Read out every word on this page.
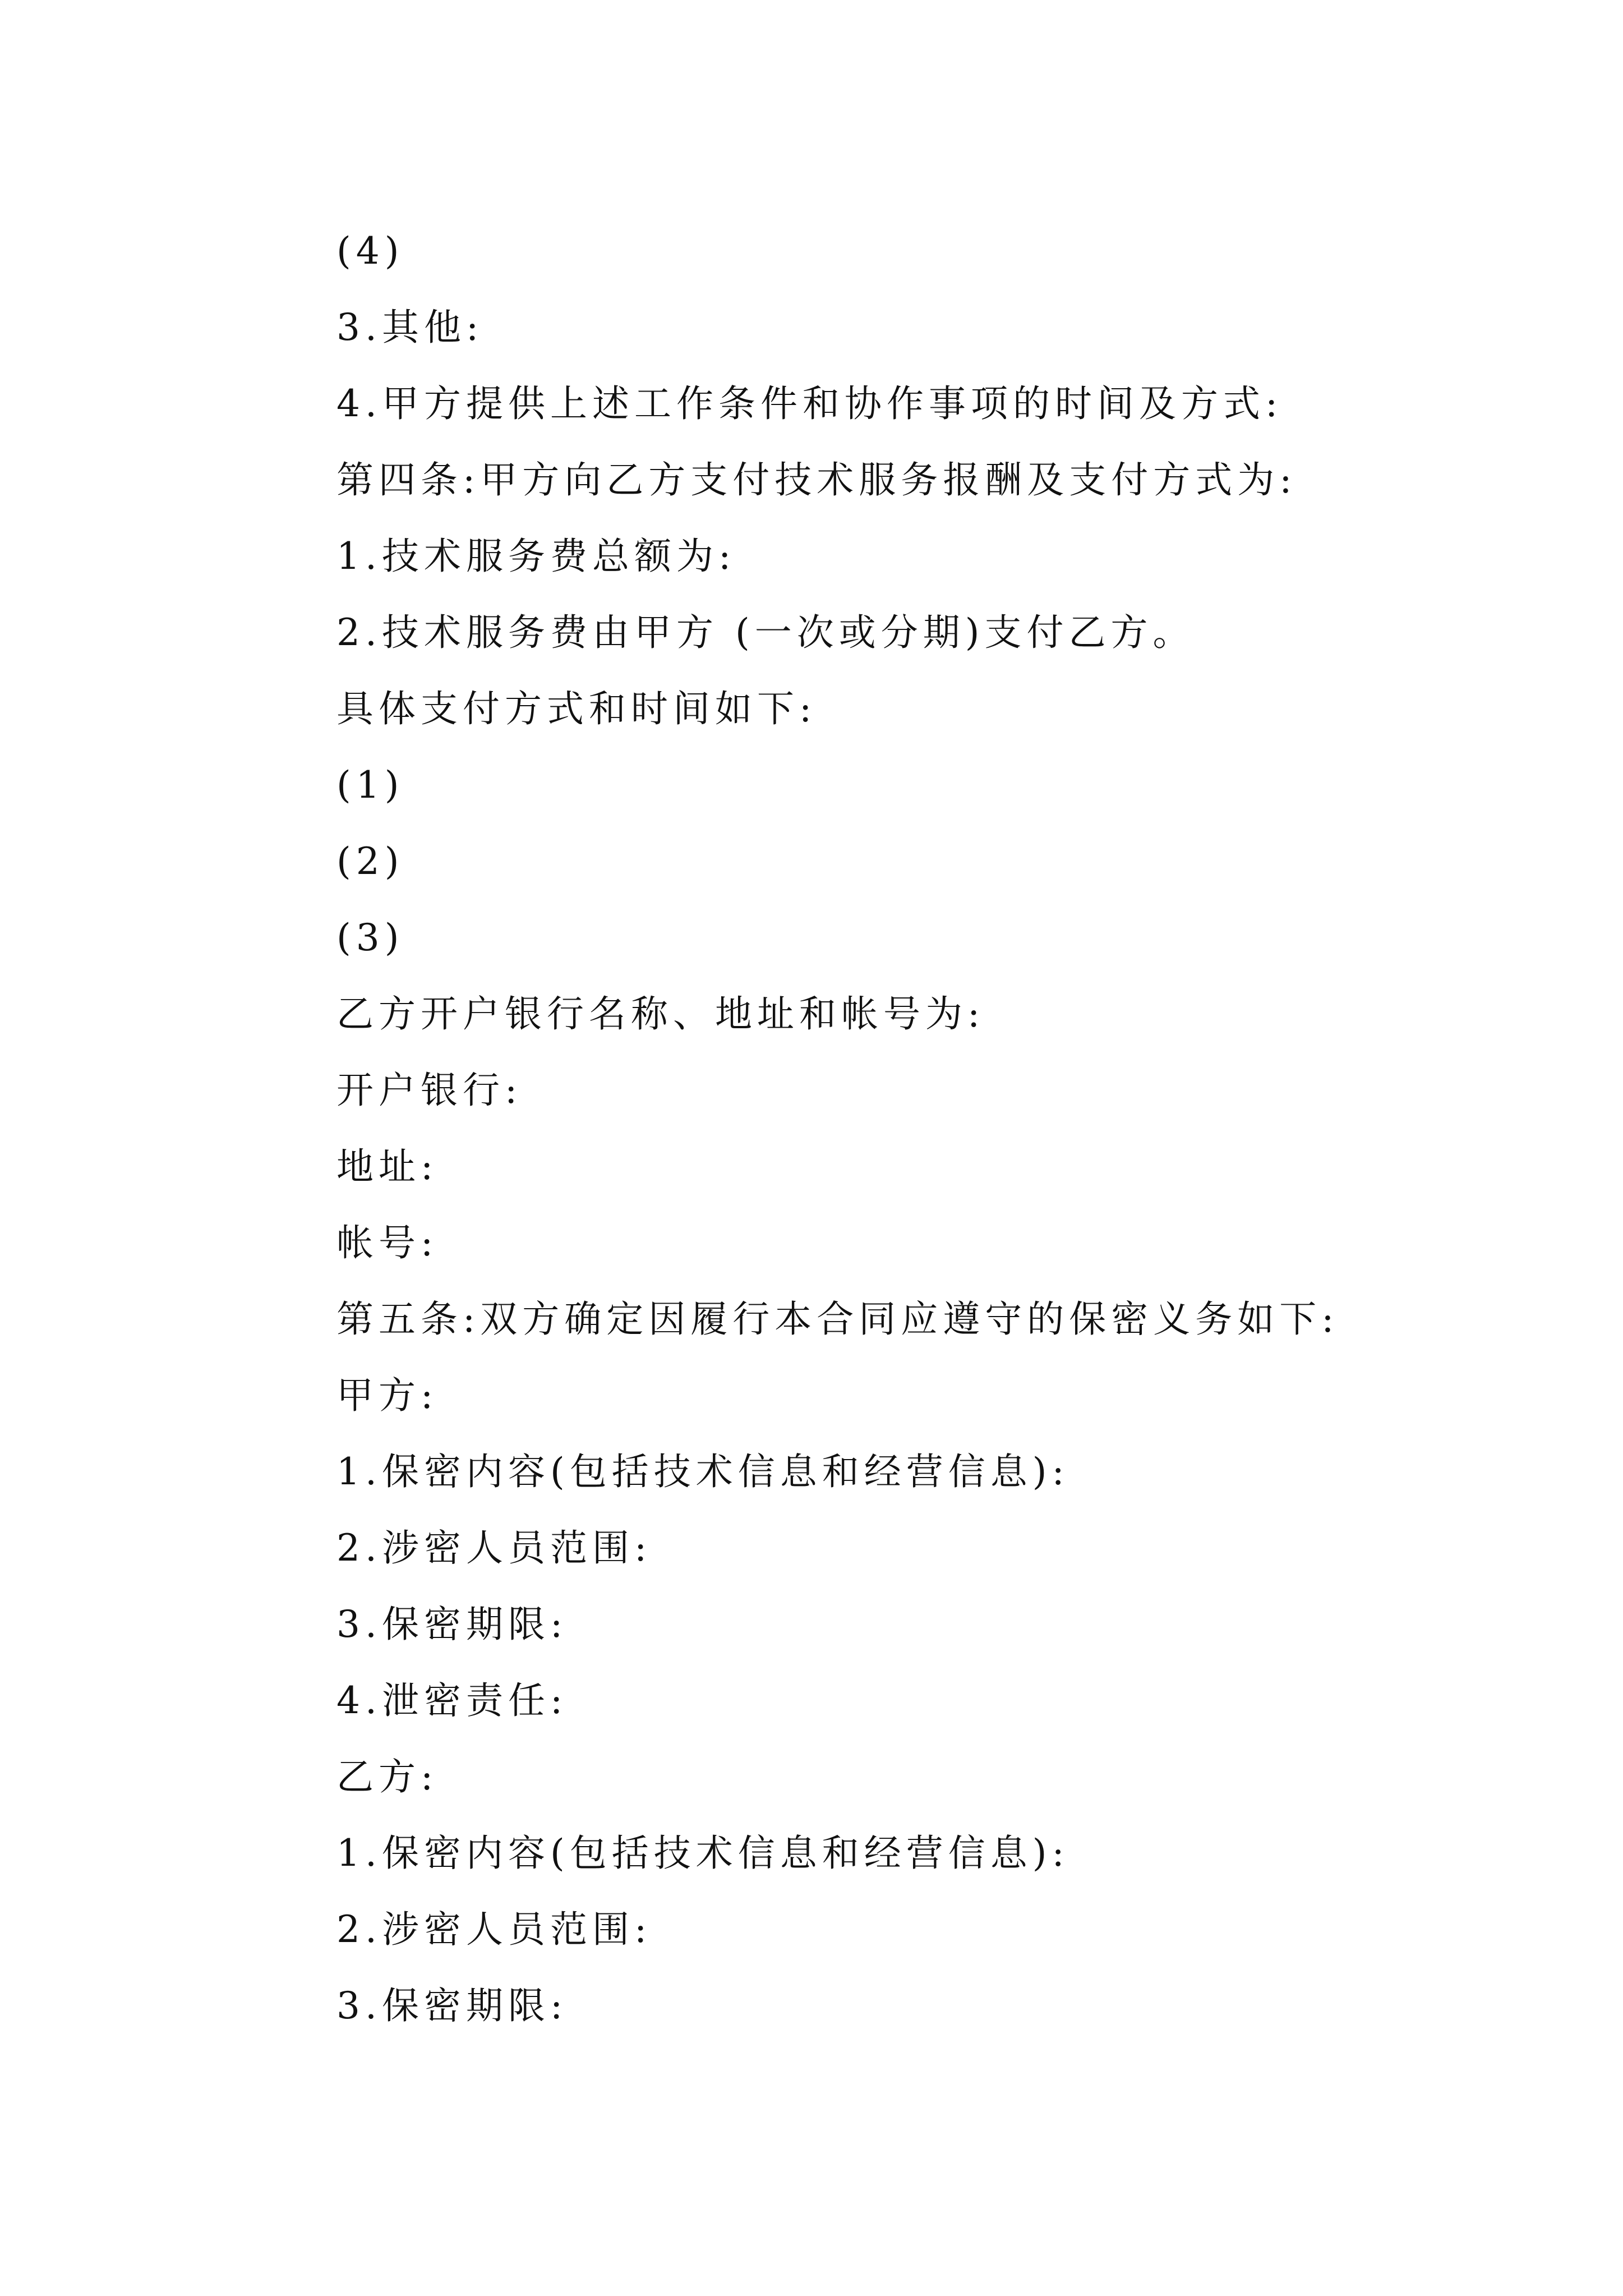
(4)
3.其他:
4.甲方提供上述工作条件和协作事项的时间及方式:
第四条:甲方向乙方支付技术服务报酬及支付方式为:
1.技术服务费总额为:
2.技术服务费由甲方 (一次或分期)支付乙方。
具体支付方式和时间如下:
(1)
(2)
(3)
乙方开户银行名称、地址和帐号为:
开户银行:
地址:
帐号:
第五条:双方确定因履行本合同应遵守的保密义务如下:
甲方:
1.保密内容(包括技术信息和经营信息):
2.涉密人员范围:
3.保密期限:
4.泄密责任:
乙方:
1.保密内容(包括技术信息和经营信息):
2.涉密人员范围:
3.保密期限:
